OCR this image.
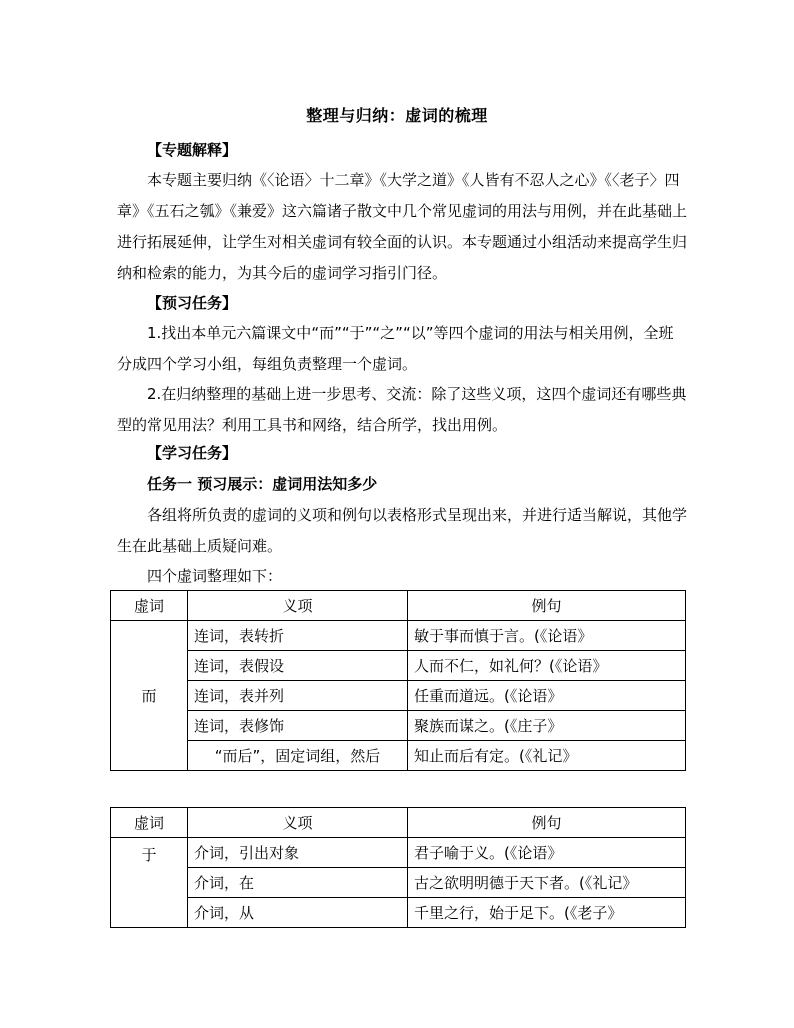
整理与归纳：虚词的梳理
【专题解释】
本专题主要归纳《〈论语〉十二章》《大学之道》《人皆有不忍人之心》《〈老子〉四章》《五石之瓠》《兼爱》这六篇诸子散文中几个常见虚词的用法与用例，并在此基础上进行拓展延伸，让学生对相关虚词有较全面的认识。本专题通过小组活动来提高学生归纳和检索的能力，为其今后的虚词学习指引门径。
【预习任务】
1.找出本单元六篇课文中“而”“于”“之”“以”等四个虚词的用法与相关用例，全班分成四个学习小组，每组负责整理一个虚词。
2.在归纳整理的基础上进一步思考、交流：除了这些义项，这四个虚词还有哪些典型的常见用法？利用工具书和网络，结合所学，找出用例。
【学习任务】
任务一 预习展示：虚词用法知多少
各组将所负责的虚词的义项和例句以表格形式呈现出来，并进行适当解说，其他学生在此基础上质疑问难。
四个虚词整理如下：
虚词	义项	例句
而	连词，表转折	敏于事而慎于言。(《论语》
	连词，表假设	人而不仁，如礼何？(《论语》
	连词，表并列	任重而道远。(《论语》
	连词，表修饰	聚族而谋之。(《庄子》
	“而后”，固定词组，然后	知止而后有定。(《礼记》
虚词	义项	例句
于	介词，引出对象	君子喻于义。(《论语》
	介词，在	古之欲明明德于天下者。(《礼记》
	介词，从	千里之行，始于足下。(《老子》
